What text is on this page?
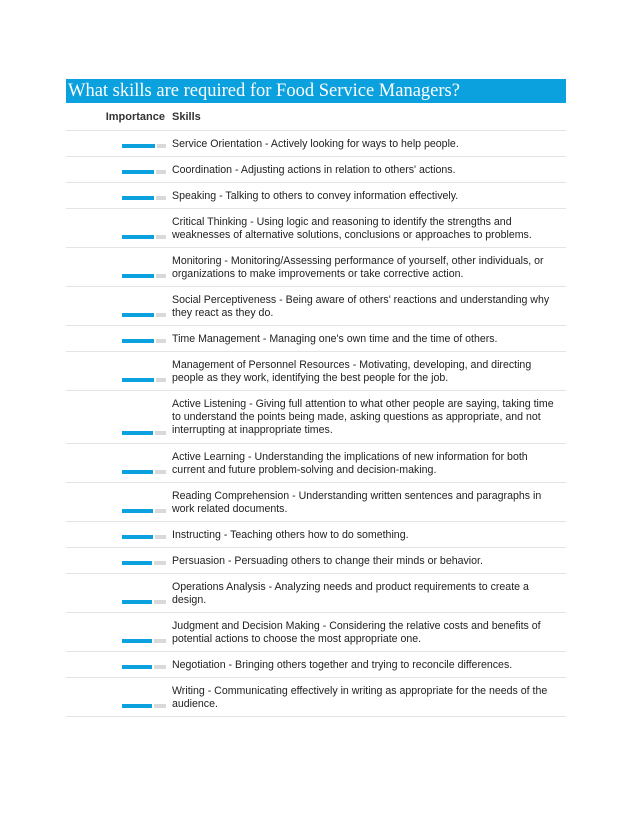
What skills are required for Food Service Managers?
Importance Skills
Service Orientation - Actively looking for ways to help people.
Coordination - Adjusting actions in relation to others' actions.
Speaking - Talking to others to convey information effectively.
Critical Thinking - Using logic and reasoning to identify the strengths and weaknesses of alternative solutions, conclusions or approaches to problems.
Monitoring - Monitoring/Assessing performance of yourself, other individuals, or organizations to make improvements or take corrective action.
Social Perceptiveness - Being aware of others' reactions and understanding why they react as they do.
Time Management - Managing one's own time and the time of others.
Management of Personnel Resources - Motivating, developing, and directing people as they work, identifying the best people for the job.
Active Listening - Giving full attention to what other people are saying, taking time to understand the points being made, asking questions as appropriate, and not interrupting at inappropriate times.
Active Learning - Understanding the implications of new information for both current and future problem-solving and decision-making.
Reading Comprehension - Understanding written sentences and paragraphs in work related documents.
Instructing - Teaching others how to do something.
Persuasion - Persuading others to change their minds or behavior.
Operations Analysis - Analyzing needs and product requirements to create a design.
Judgment and Decision Making - Considering the relative costs and benefits of potential actions to choose the most appropriate one.
Negotiation - Bringing others together and trying to reconcile differences.
Writing - Communicating effectively in writing as appropriate for the needs of the audience.
